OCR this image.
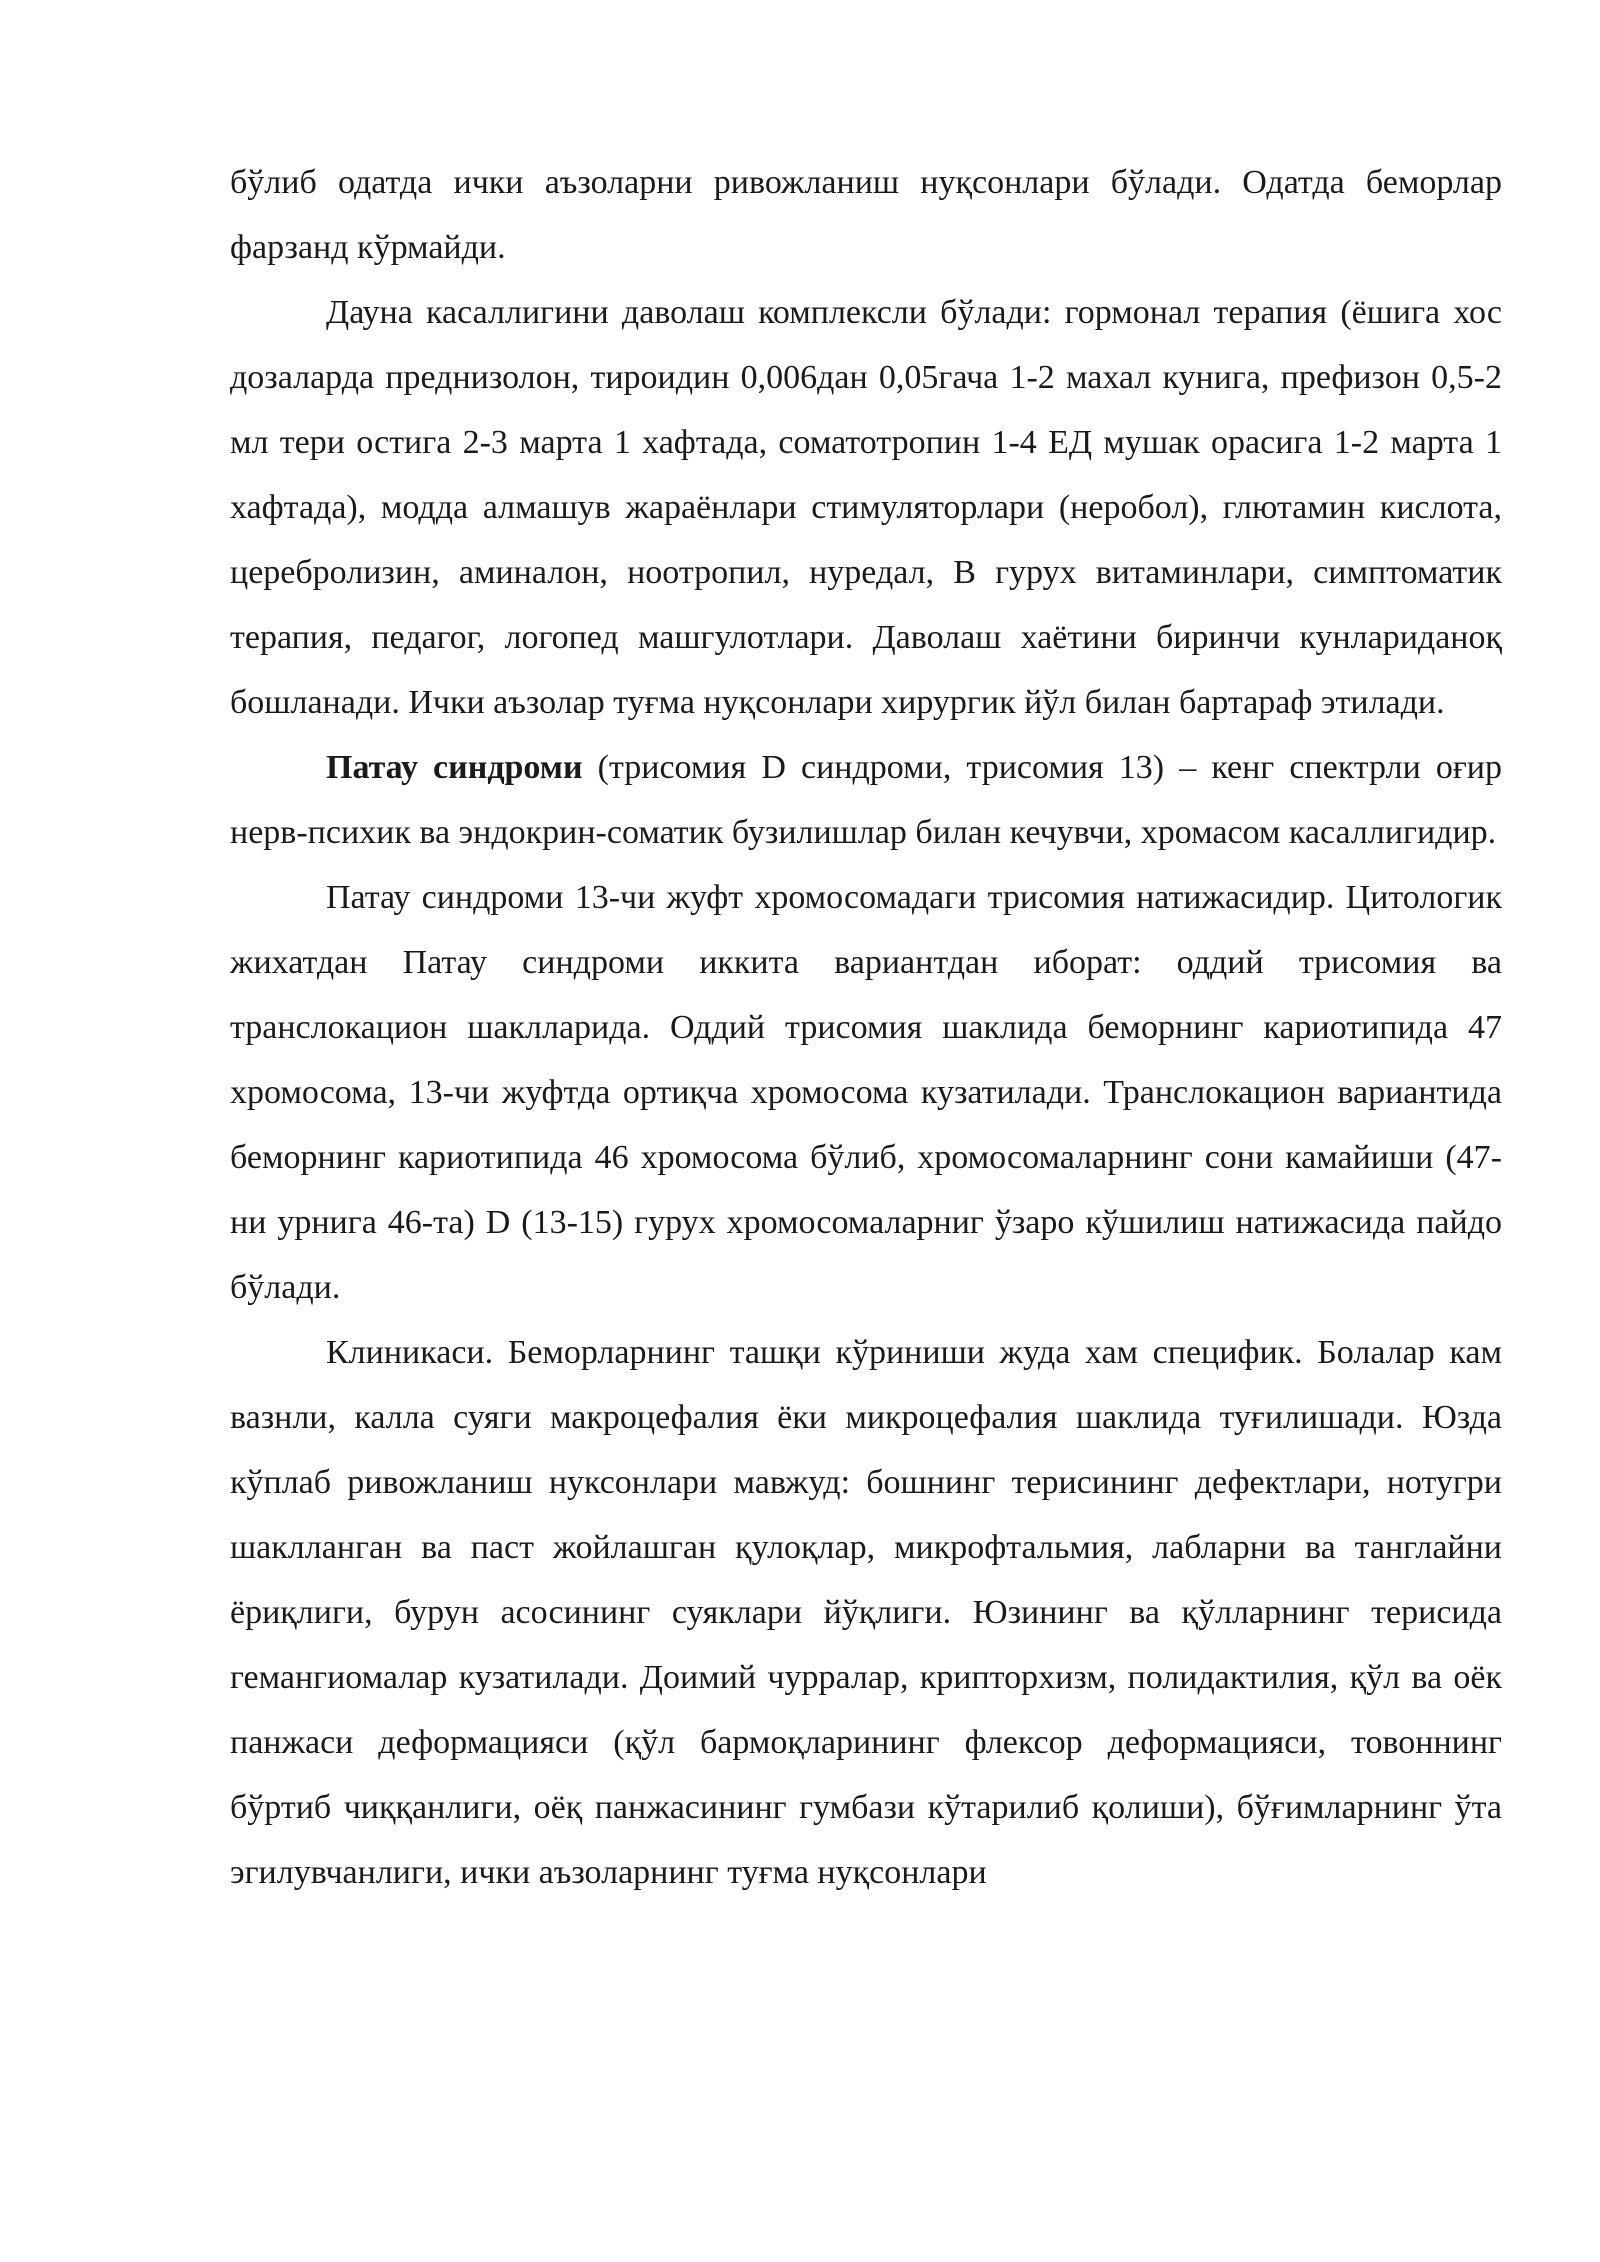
бўлиб одатда ички аъзоларни ривожланиш нуқсонлари бўлади. Одатда беморлар фарзанд кўрмайди.

Дауна касаллигини даволаш комплексли бўлади: гормонал терапия (ёшига хос дозаларда преднизолон, тироидин 0,006дан 0,05гача 1-2 махал кунига, префизон 0,5-2 мл тери остига 2-3 марта 1 хафтада, соматотропин 1-4 ЕД мушак орасига 1-2 марта 1 хафтада), модда алмашув жараёнлари стимуляторлари (неробол), глютамин кислота, церебролизин, аминалон, ноотропил, нуредал, В гурух витаминлари, симптоматик терапия, педагог, логопед машгулотлари. Даволаш хаётини биринчи кунлариданоқ бошланади. Ички аъзолар туғма нуқсонлари хирургик йўл билан бартараф этилади.

Патау синдроми (трисомия D синдроми, трисомия 13) – кенг спектрли оғир нерв-психик ва эндокрин-соматик бузилишлар билан кечувчи, хромасом касаллигидир.

Патау синдроми 13-чи жуфт хромосомадаги трисомия натижасидир. Цитологик жихатдан Патау синдроми иккита вариантдан иборат: оддий трисомия ва транслокацион шаклларида. Оддий трисомия шаклида беморнинг кариотипида 47 хромосома, 13-чи жуфтда ортиқча хромосома кузатилади. Транслокацион вариантида беморнинг кариотипида 46 хромосома бўлиб, хромосомаларнинг сони камайиши (47-ни урнига 46-та) D (13-15) гурух хромосомаларниг ўзаро кўшилиш натижасида пайдо бўлади.

Клиникаси. Беморларнинг ташқи кўриниши жуда хам специфик. Болалар кам вазнли, калла суяги макроцефалия ёки микроцефалия шаклида туғилишади. Юзда кўплаб ривожланиш нуксонлари мавжуд: бошнинг терисининг дефектлари, нотугри шаклланган ва паст жойлашган қулоқлар, микрофтальмия, лабларни ва танглайни ёриқлиги, бурун асосининг суяклари йўқлиги. Юзининг ва қўлларнинг терисида гемангиомалар кузатилади. Доимий чурралар, крипторхизм, полидактилия, қўл ва оёк панжаси деформацияси (қўл бармоқларининг флексор деформацияси, товоннинг бўртиб чиққанлиги, оёқ панжасининг гумбази кўтарилиб қолиши), бўғимларнинг ўта эгилувчанлиги, ички аъзоларнинг туғма нуқсонлари
